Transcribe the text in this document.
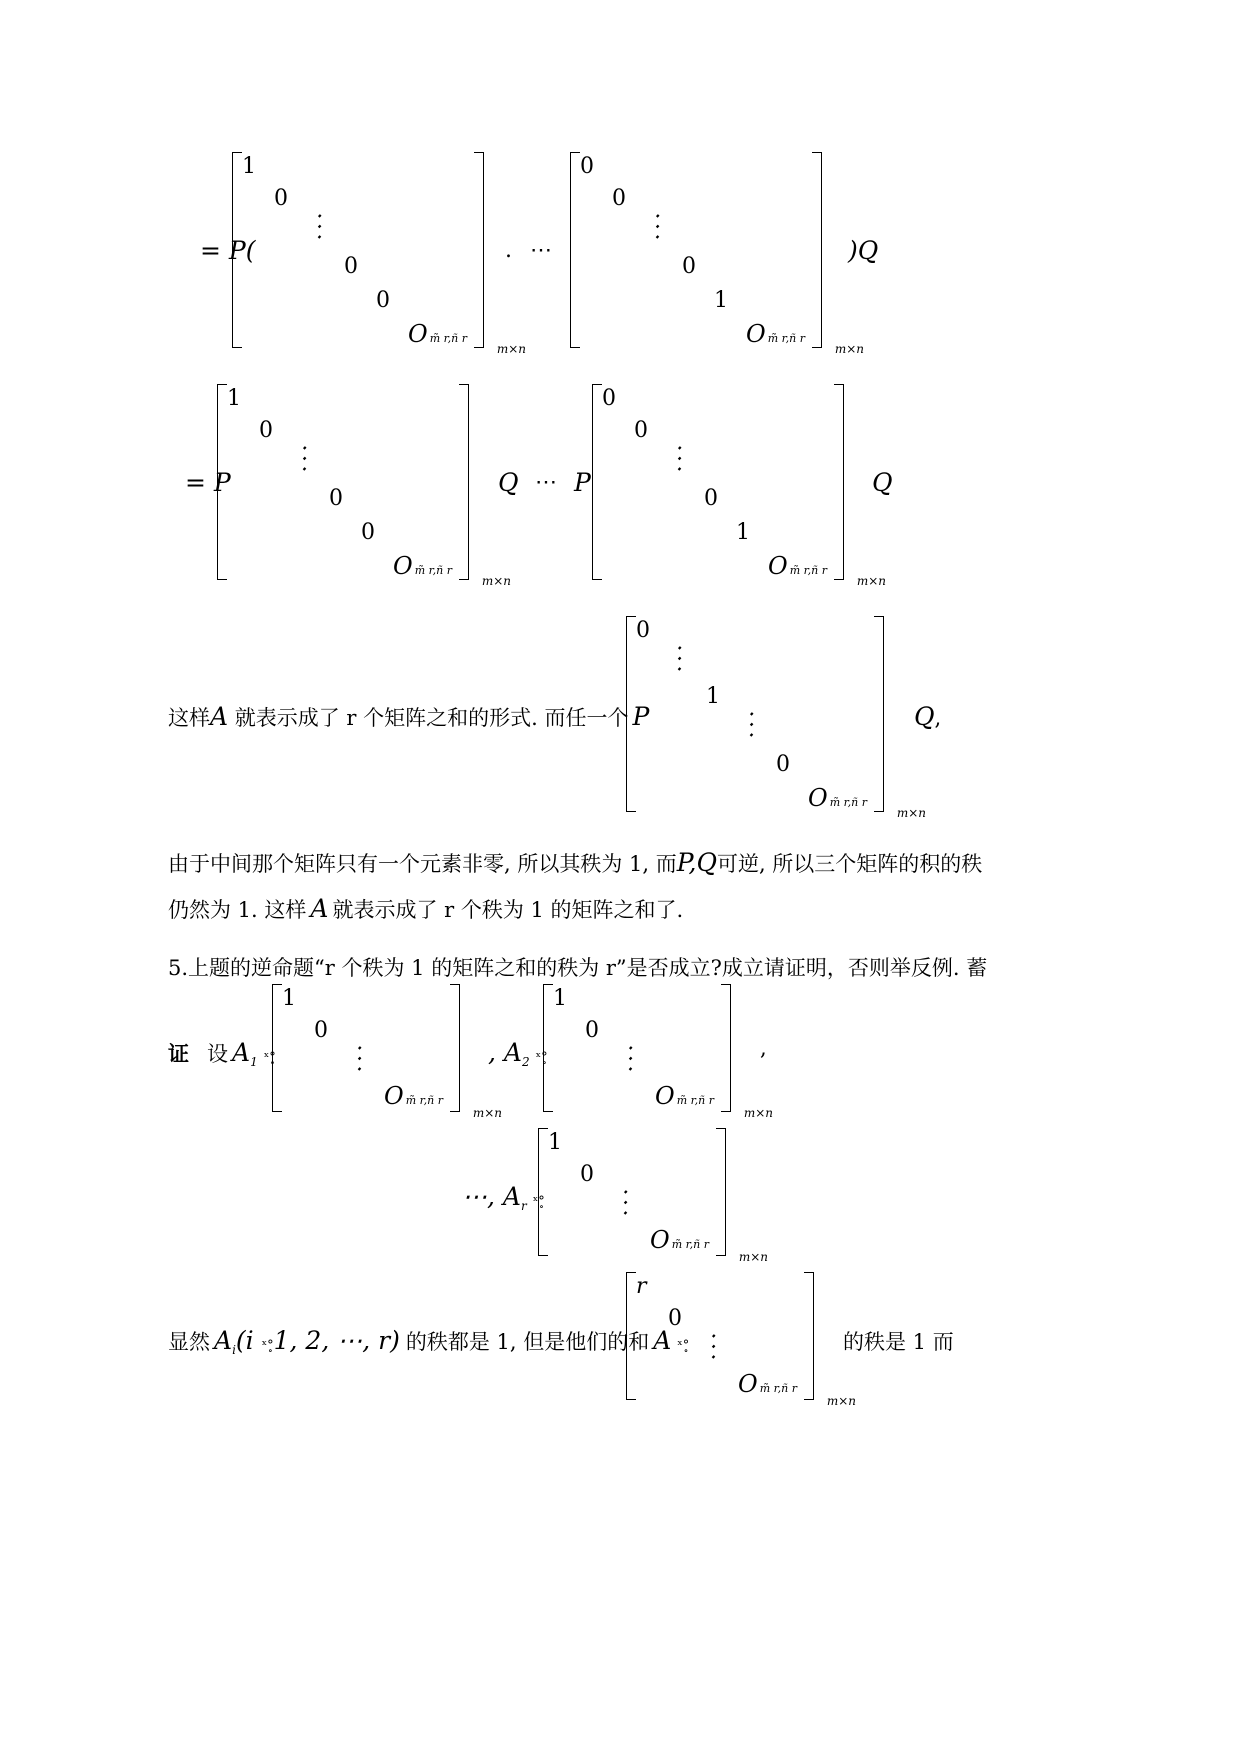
= P(
1
0
⋱
0
0
Om̃ r,ñ r
m×n
. ⋯
0
0
⋱
0
1
Om̃ r,ñ r
m×n
)Q
= P
1
0
⋱
0
0
Om̃ r,ñ r
m×n
Q ⋯ P
0
0
⋱
0
1
Om̃ r,ñ r
m×n
Q
这样A 就表示成了 r 个矩阵之和的形式. 而任一个 P
0
⋱
1
⋱
0
Om̃ r,ñ r
m×n
Q,
由于中间那个矩阵只有一个元素非零, 所以其秩为 1, 而P,Q可逆, 所以三个矩阵的积的秩
仍然为 1. 这样 A 就表示成了 r 个秩为 1 的矩阵之和了.
5.上题的逆命题“r 个秩为 1 的矩阵之和的秩为 r”是否成立?成立请证明，否则举反例. 蓄
证 设 $A_1$ ˣ°̥
1
0
⋱
Om̃ r,ñ r
m×n
, $A_2$ ˣ°̥
1
0
⋱
Om̃ r,ñ r
m×n
,
⋯, $A_r$ ˣ°̥
1
0
⋱
Om̃ r,ñ r
m×n
显然 $A_i(i$ ˣ°̥1, 2, ⋯, r) 的秩都是 1, 但是他们的和 A ˣ°̥
r
0
⋱
Om̃ r,ñ r
m×n
的秩是 1 而
